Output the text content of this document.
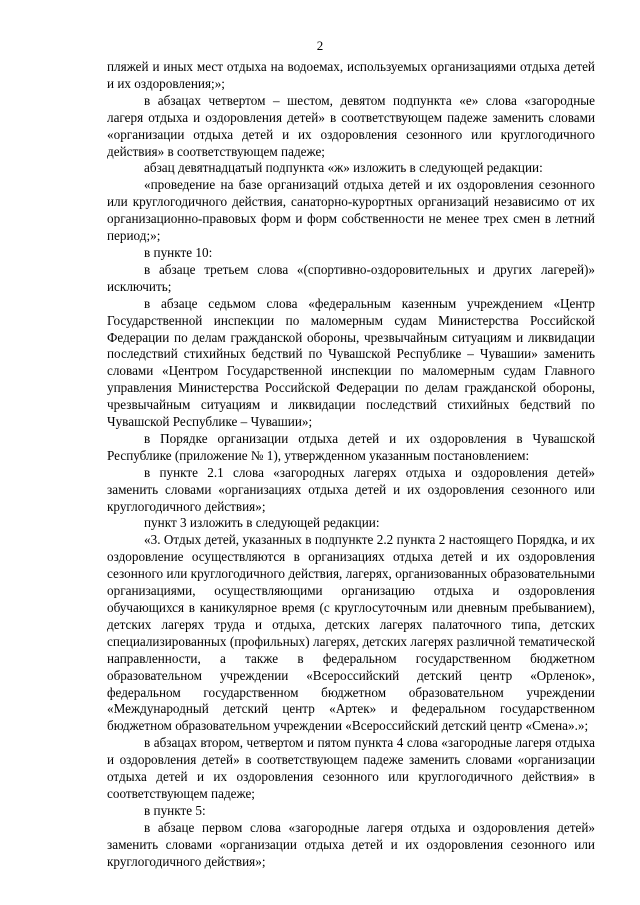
2

пляжей и иных мест отдыха на водоемах, используемых организациями отдыха детей и их оздоровления;»;

в абзацах четвертом – шестом, девятом подпункта «е» слова «загородные лагеря отдыха и оздоровления детей» в соответствующем падеже заменить словами «организации отдыха детей и их оздоровления сезонного или круглогодичного действия» в соответствующем падеже;

абзац девятнадцатый подпункта «ж» изложить в следующей редакции:

«проведение на базе организаций отдыха детей и их оздоровления сезонного или круглогодичного действия, санаторно-курортных организаций независимо от их организационно-правовых форм и форм собственности не менее трех смен в летний период;»;

в пункте 10:

в абзаце третьем слова «(спортивно-оздоровительных и других лагерей)» исключить;

в абзаце седьмом слова «федеральным казенным учреждением «Центр Государственной инспекции по маломерным судам Министерства Российской Федерации по делам гражданской обороны, чрезвычайным ситуациям и ликвидации последствий стихийных бедствий по Чувашской Республике – Чувашии» заменить словами «Центром Государственной инспекции по маломерным судам Главного управления Министерства Российской Федерации по делам гражданской обороны, чрезвычайным ситуациям и ликвидации последствий стихийных бедствий по Чувашской Республике – Чувашии»;

в Порядке организации отдыха детей и их оздоровления в Чувашской Республике (приложение № 1), утвержденном указанным постановлением:

в пункте 2.1 слова «загородных лагерях отдыха и оздоровления детей» заменить словами «организациях отдыха детей и их оздоровления сезонного или круглогодичного действия»;

пункт 3 изложить в следующей редакции:

«3. Отдых детей, указанных в подпункте 2.2 пункта 2 настоящего Порядка, и их оздоровление осуществляются в организациях отдыха детей и их оздоровления сезонного или круглогодичного действия, лагерях, организованных образовательными организациями, осуществляющими организацию отдыха и оздоровления обучающихся в каникулярное время (с круглосуточным или дневным пребыванием), детских лагерях труда и отдыха, детских лагерях палаточного типа, детских специализированных (профильных) лагерях, детских лагерях различной тематической направленности, а также в федеральном государственном бюджетном образовательном учреждении «Всероссийский детский центр «Орленок», федеральном государственном бюджетном образовательном учреждении «Международный детский центр «Артек» и федеральном государственном бюджетном образовательном учреждении «Всероссийский детский центр «Смена».»;

в абзацах втором, четвертом и пятом пункта 4 слова «загородные лагеря отдыха и оздоровления детей» в соответствующем падеже заменить словами «организации отдыха детей и их оздоровления сезонного или круглогодичного действия» в соответствующем падеже;

в пункте 5:

в абзаце первом слова «загородные лагеря отдыха и оздоровления детей» заменить словами «организации отдыха детей и их оздоровления сезонного или круглогодичного действия»;
